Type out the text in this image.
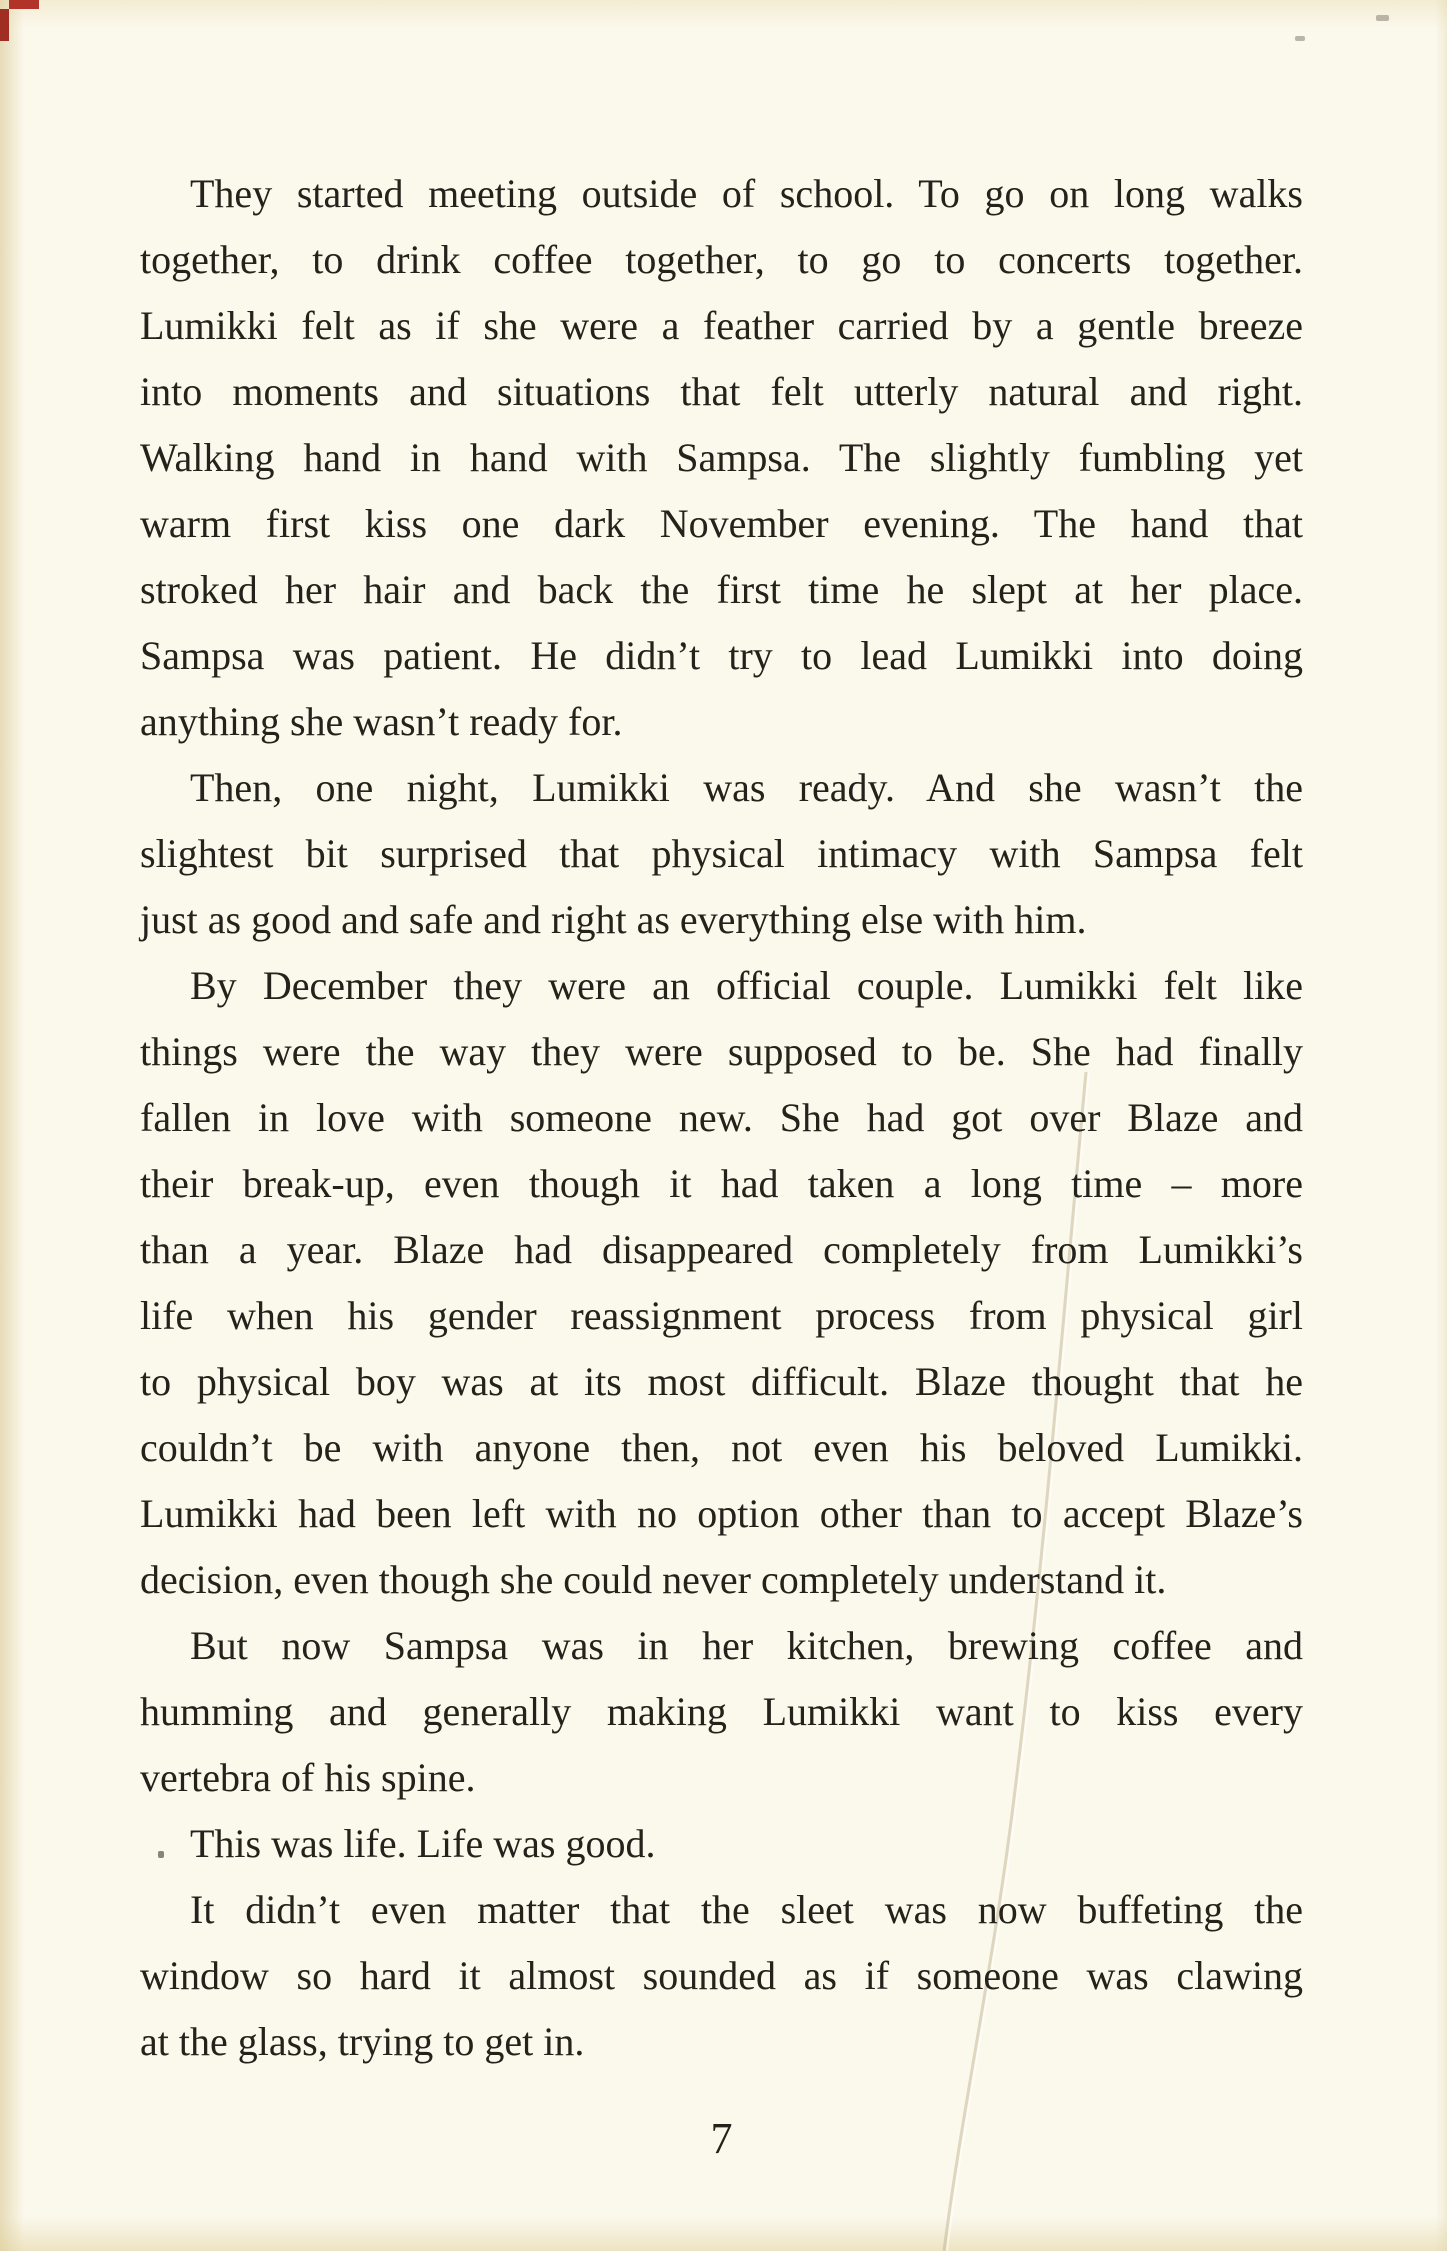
They started meeting outside of school. To go on long walks
together, to drink coffee together, to go to concerts together.
Lumikki felt as if she were a feather carried by a gentle breeze
into moments and situations that felt utterly natural and right.
Walking hand in hand with Sampsa. The slightly fumbling yet
warm first kiss one dark November evening. The hand that
stroked her hair and back the first time he slept at her place.
Sampsa was patient. He didn’t try to lead Lumikki into doing
anything she wasn’t ready for.
Then, one night, Lumikki was ready. And she wasn’t the
slightest bit surprised that physical intimacy with Sampsa felt
just as good and safe and right as everything else with him.
By December they were an official couple. Lumikki felt like
things were the way they were supposed to be. She had finally
fallen in love with someone new. She had got over Blaze and
their break-up, even though it had taken a long time – more
than a year. Blaze had disappeared completely from Lumikki’s
life when his gender reassignment process from physical girl
to physical boy was at its most difficult. Blaze thought that he
couldn’t be with anyone then, not even his beloved Lumikki.
Lumikki had been left with no option other than to accept Blaze’s
decision, even though she could never completely understand it.
But now Sampsa was in her kitchen, brewing coffee and
humming and generally making Lumikki want to kiss every
vertebra of his spine.
This was life. Life was good.
It didn’t even matter that the sleet was now buffeting the
window so hard it almost sounded as if someone was clawing
at the glass, trying to get in.
7
